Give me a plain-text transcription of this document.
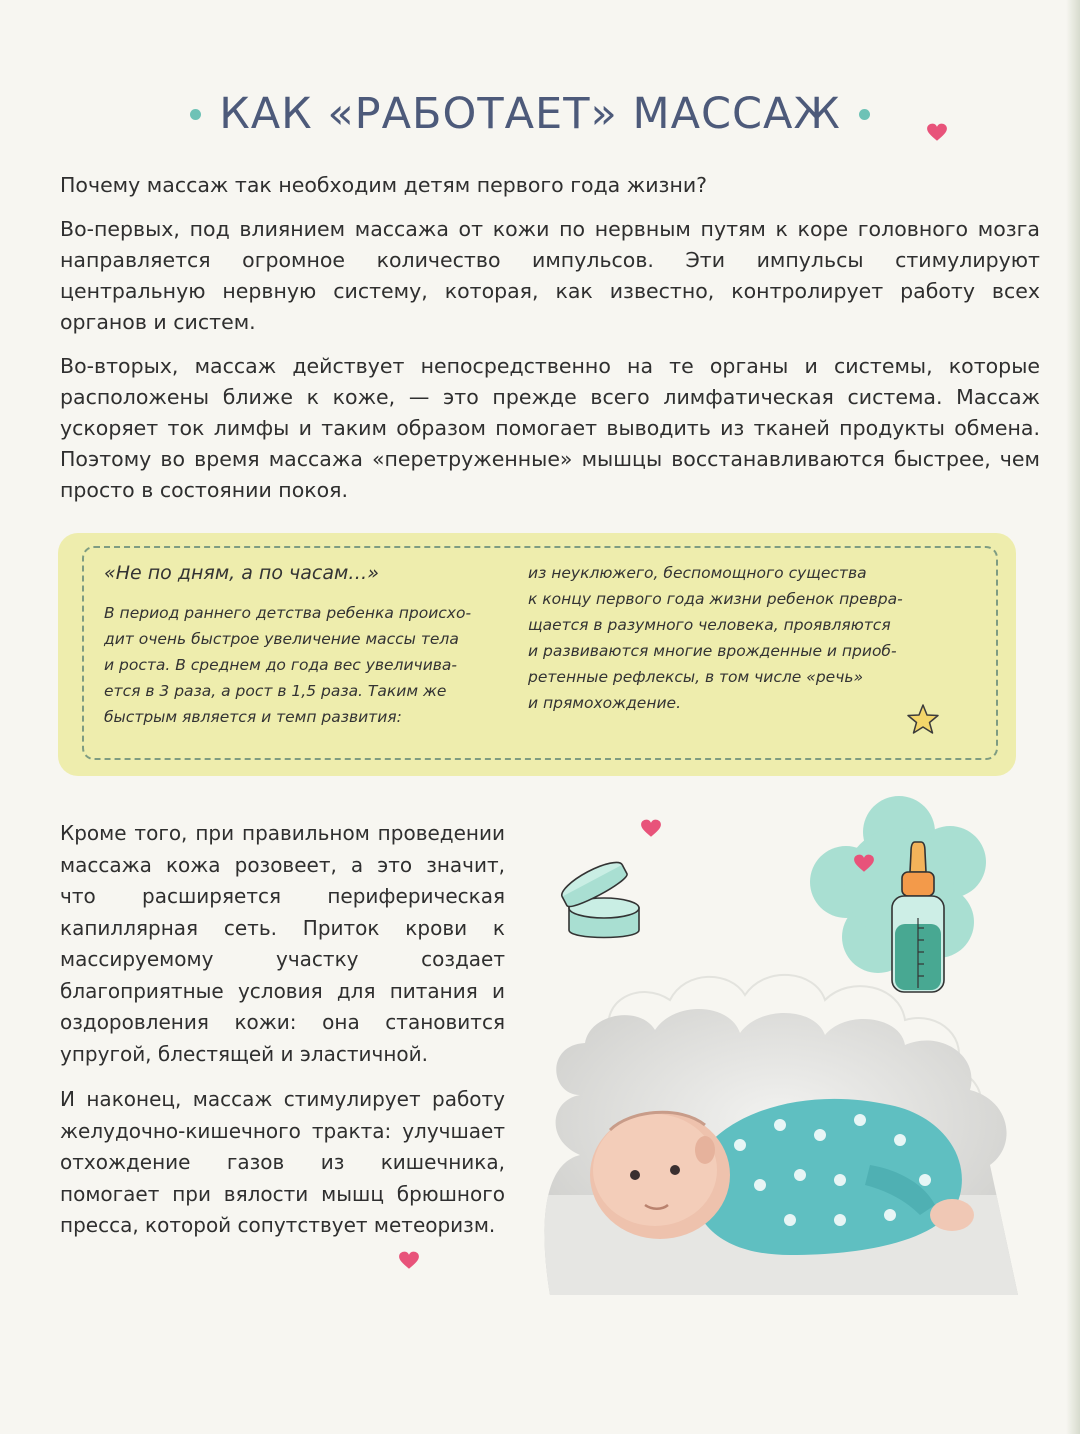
КАК «РАБОТАЕТ» МАССАЖ

Почему массаж так необходим детям первого года жизни?

Во-первых, под влиянием массажа от кожи по нервным путям к коре головного мозга направляется огромное количество импульсов. Эти импульсы стимулируют центральную нервную систему, которая, как известно, контролирует работу всех органов и систем.

Во-вторых, массаж действует непосредственно на те органы и системы, которые расположены ближе к коже, — это прежде всего лимфатическая система. Массаж ускоряет ток лимфы и таким образом помогает выводить из тканей продукты обмена. Поэтому во время массажа «перетруженные» мышцы восстанавливаются быстрее, чем просто в состоянии покоя.

«Не по дням, а по часам…»
В период раннего детства ребенка происхо-
дит очень быстрое увеличение массы тела
и роста. В среднем до года вес увеличива-
ется в 3 раза, а рост в 1,5 раза. Таким же
быстрым является и темп развития:
из неуклюжего, беспомощного существа
к концу первого года жизни ребенок превра-
щается в разумного человека, проявляются
и развиваются многие врожденные и приоб-
ретенные рефлексы, в том числе «речь»
и прямохождение.

Кроме того, при правильном проведении массажа кожа розовеет, а это значит, что расширяется периферическая капиллярная сеть. Приток крови к массируемому участку создает благоприятные условия для питания и оздоровления кожи: она становится упругой, блестящей и эластичной.

И наконец, массаж стимулирует работу желудочно-кишечного тракта: улучшает отхождение газов из кишечника, помогает при вялости мышц брюшного пресса, которой сопутствует метеоризм.
